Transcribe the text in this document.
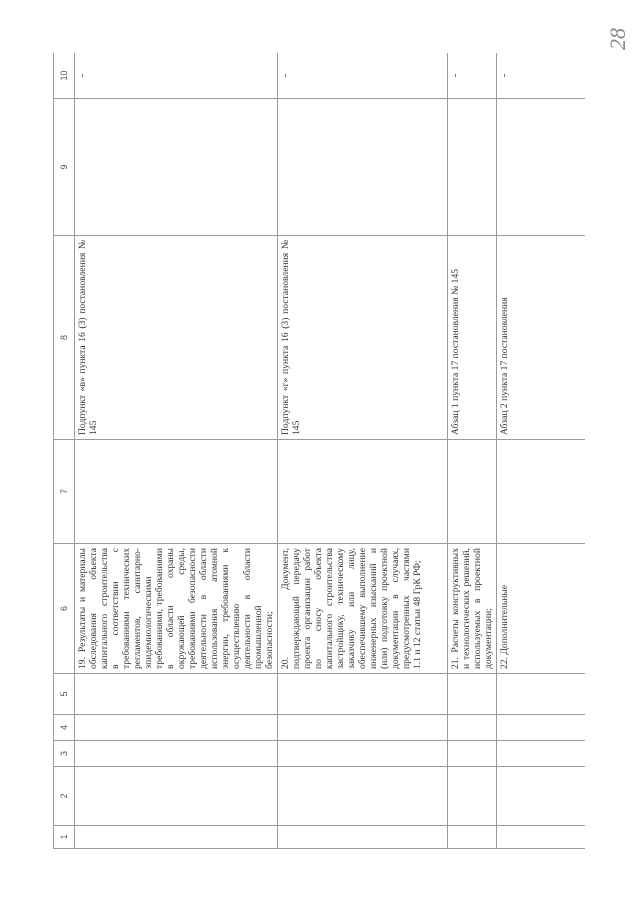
28
1	2	3	4	5	6	7	8	9	10
					19. Результаты и материалы обследования объекта капитального строительства в соответствии с требованиями технических регламентов, санитарно-эпидемиологическими требованиями, требованиями в области охраны окружающей среды, требованиями безопасности деятельности в области использования атомной энергии, требованиями к осуществлению деятельности в области промышленной безопасности;		Подпункт «в» пункта 16 (3) постановления № 145		-
					20. Документ, подтверждающий передачу проекта организации работ по сносу объекта капитального строительства застройщику, техническому заказчику или лицу, обеспечившему выполнение инженерных изысканий и (или) подготовку проектной документации в случаях, предусмотренных частями 1.1 и 12 статьи 48 ГрК РФ;		Подпункт «г» пункта 16 (3) постановления № 145		-
					21. Расчеты конструктивных и технологических решений, используемых в проектной документации;		Абзац 1 пункта 17 постановления № 145		-
					22. Дополнительные		Абзац 2 пункта 17 постановления		-
